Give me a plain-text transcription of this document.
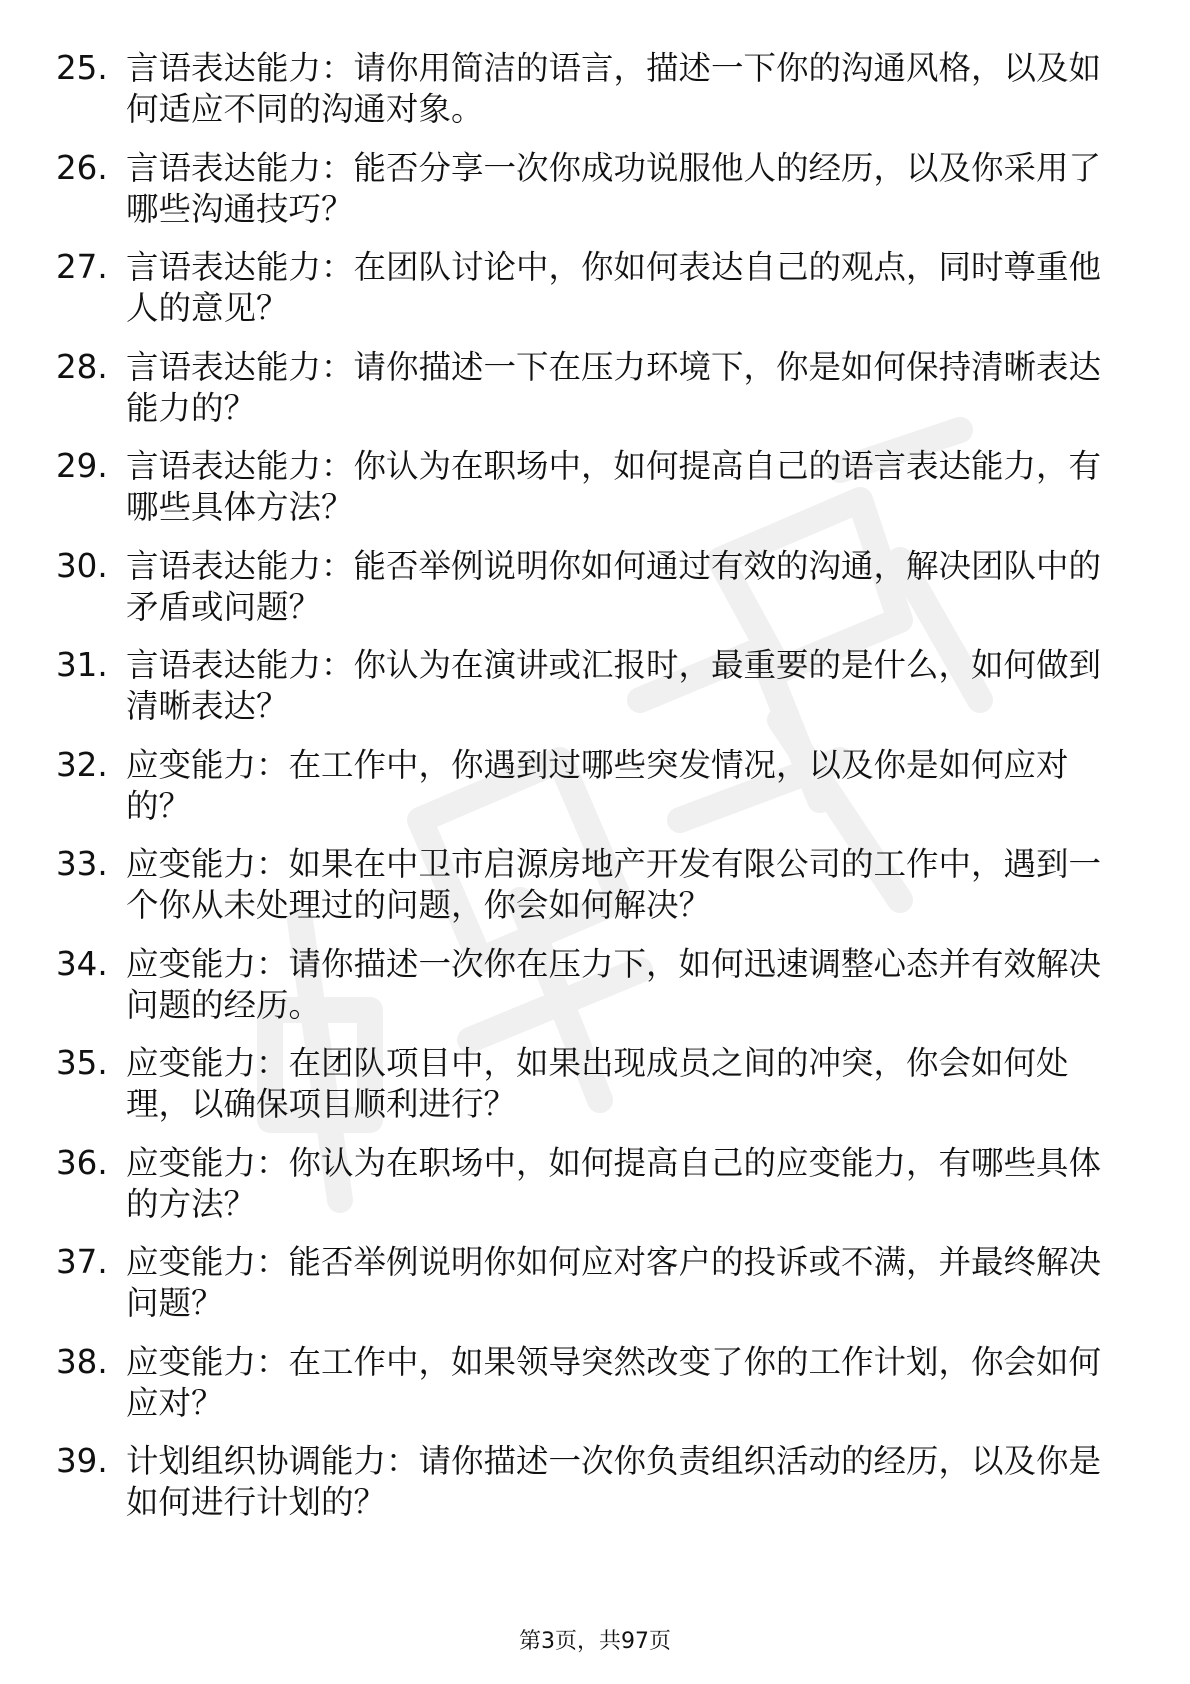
25. 言语表达能力：请你用简洁的语言，描述一下你的沟通风格，以及如何适应不同的沟通对象。
26. 言语表达能力：能否分享一次你成功说服他人的经历，以及你采用了哪些沟通技巧？
27. 言语表达能力：在团队讨论中，你如何表达自己的观点，同时尊重他人的意见？
28. 言语表达能力：请你描述一下在压力环境下，你是如何保持清晰表达能力的？
29. 言语表达能力：你认为在职场中，如何提高自己的语言表达能力，有哪些具体方法？
30. 言语表达能力：能否举例说明你如何通过有效的沟通，解决团队中的矛盾或问题？
31. 言语表达能力：你认为在演讲或汇报时，最重要的是什么，如何做到清晰表达？
32. 应变能力：在工作中，你遇到过哪些突发情况，以及你是如何应对的？
33. 应变能力：如果在中卫市启源房地产开发有限公司的工作中，遇到一个你从未处理过的问题，你会如何解决？
34. 应变能力：请你描述一次你在压力下，如何迅速调整心态并有效解决问题的经历。
35. 应变能力：在团队项目中，如果出现成员之间的冲突，你会如何处理，以确保项目顺利进行？
36. 应变能力：你认为在职场中，如何提高自己的应变能力，有哪些具体的方法？
37. 应变能力：能否举例说明你如何应对客户的投诉或不满，并最终解决问题？
38. 应变能力：在工作中，如果领导突然改变了你的工作计划，你会如何应对？
39. 计划组织协调能力：请你描述一次你负责组织活动的经历，以及你是如何进行计划的？
第3页，共97页
